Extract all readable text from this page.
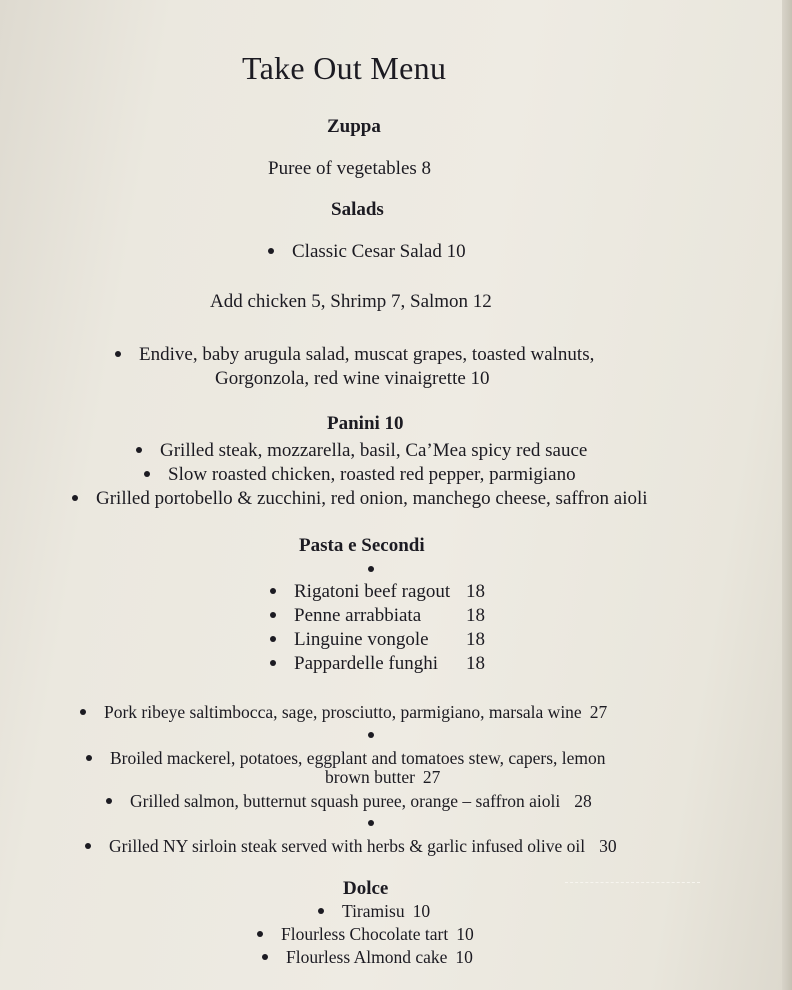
Take Out Menu
Zuppa
Puree of vegetables 8
Salads
Classic Cesar Salad 10
Add chicken 5, Shrimp 7, Salmon 12
Endive, baby arugula salad, muscat grapes, toasted walnuts,
Gorgonzola, red wine vinaigrette 10
Panini 10
Grilled steak, mozzarella, basil, Ca’Mea spicy red sauce
Slow roasted chicken, roasted red pepper, parmigiano
Grilled portobello & zucchini, red onion, manchego cheese, saffron aioli
Pasta e Secondi
Rigatoni beef ragout 18
Penne arrabbiata 18
Linguine vongole 18
Pappardelle funghi 18
Pork ribeye saltimbocca, sage, prosciutto, parmigiano, marsala wine 27
Broiled mackerel, potatoes, eggplant and tomatoes stew, capers, lemon
brown butter 27
Grilled salmon, butternut squash puree, orange – saffron aioli 28
Grilled NY sirloin steak served with herbs & garlic infused olive oil 30
Dolce
Tiramisu 10
Flourless Chocolate tart 10
Flourless Almond cake 10
